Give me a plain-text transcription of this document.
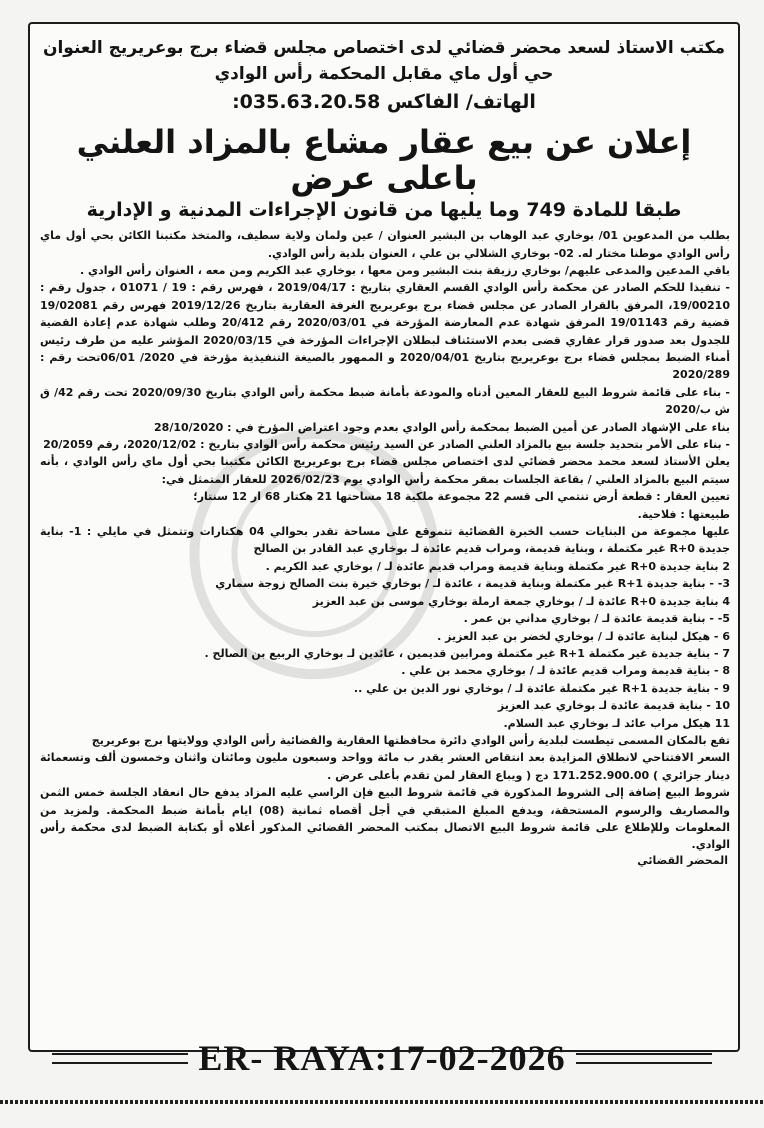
مكتب الاستاذ لسعد محضر قضائي لدى اختصاص مجلس قضاء برج بوعريريج العنوان

حي أول ماي مقابل المحكمة رأس الوادي

الهاتف/ الفاكس 035.63.20.58:

إعلان عن بيع عقار مشاع بالمزاد العلني باعلى عرض
طبقا للمادة 749 وما يليها من قانون الإجراءات المدنية و الإدارية

بطلب من المدعوين 01/ بوخاري عبد الوهاب بن البشير العنوان / عين ولمان ولاية سطيف، والمتخذ مكتبنا الكائن بحي أول ماي رأس الوادي موطنا مختار له. 02- بوخاري الشلالي بن علي ، العنوان بلدية رأس الوادي.

باقي المدعين والمدعى عليهم/ بوخاري رزيقة بنت البشير ومن معها ، بوخاري عبد الكريم ومن معه ، العنوان رأس الوادي .

- تنفيذا للحكم الصادر عن محكمة رأس الوادي القسم العقاري بتاريخ : 2019/04/17 ، فهرس رقم : 19 / 01071 ، جدول رقم : 19/00210، المرفق بالقرار الصادر عن مجلس قضاء برج بوعريريج الغرفة العقارية بتاريخ 2019/12/26 فهرس رقم 19/02081 قضية رقم 19/01143 المرفق شهادة عدم المعارضة المؤرخة في 2020/03/01 رقم 20/412 وطلب شهادة عدم إعادة القضية للجدول بعد صدور قرار عقاري قضى بعدم الاستئناف لبطلان الإجراءات المؤرخة في 2020/03/15 المؤشر عليه من طرف رئيس أمناء الضبط بمجلس قضاء برج بوعريريج بتاريخ 2020/04/01 و الممهور بالصيغة التنفيذية مؤرخة في 2020/ 06/01تحت رقم : 2020/289

- بناء على قائمة شروط البيع للعقار المعين أدناه والمودعة بأمانة ضبط محكمة رأس الوادي بتاريخ 2020/09/30 تحت رقم 42/ ق ش ب/2020

بناء على الإشهاد الصادر عن أمين الضبط بمحكمة رأس الوادي بعدم وجود اعتراض المؤرخ في : 28/10/2020

- بناء على الأمر بتحديد جلسة بيع بالمزاد العلني الصادر عن السيد رئيس محكمة رأس الوادي بتاريخ : 2020/12/02، رقم 20/2059

يعلن الأستاذ لسعد محمد محضر قضائي لدى اختصاص مجلس قضاء برج بوعريريج الكائن مكتبنا بحي أول ماي رأس الوادي ، بأنه سيتم البيع بالمزاد العلني / بقاعة الجلسات بمقر محكمة رأس الوادي يوم 2026/02/23 للعقار المتمثل في:

تعيين العقار : قطعة أرض تنتمي الى قسم 22 مجموعة ملكية 18 مساحتها 21 هكتار 68 ار 12 سنتار؛

طبيعتها : فلاحية.

عليها مجموعة من البنايات حسب الخبرة القضائية تتموقع على مساحة تقدر بحوالي 04 هكتارات وتتمثل في مايلي : 1- بناية جديدة R+0 غير مكتملة ، وبناية قديمة، ومراب قديم عائدة لـ بوخاري عبد القادر بن الصالح

2 بناية جديدة R+0 غير مكتملة وبناية قديمة ومراب قديم عائدة لـ / بوخاري عبد الكريم .

3- - بناية جديدة R+1 غير مكتملة وبناية قديمة ، عائدة لـ / بوخاري خيرة بنت الصالح زوجة سماري

4 بناية جديدة R+0 عائدة لـ / بوخاري جمعة ارملة بوخاري موسى بن عبد العزيز

5- - بناية قديمة عائدة لـ / بوخاري مداني بن عمر .

6 - هيكل لبناية عائدة لـ / بوخاري لخضر بن عبد العزيز .

7 - بناية جديدة غير مكتملة R+1 غير مكتملة ومرابين قديمين ، عائدين لـ بوخاري الربيع بن الصالح .

8 - بناية قديمة ومراب قديم عائدة لـ / بوخاري محمد بن علي .

9 - بناية جديدة R+1 غير مكتملة عائدة لـ / بوخاري نور الدين بن علي ..

10 - بناية قديمة عائدة لـ بوخاري عبد العزيز

11 هيكل مراب عائد لـ بوخاري عبد السلام.

تقع بالمكان المسمى تيطست لبلدية رأس الوادي دائرة محافظتها العقارية والقضائية رأس الوادي وولايتها برج بوعريريج

السعر الافتتاحي لانطلاق المزايدة بعد انتقاص العشر يقدر ب مائة وواحد وسبعون مليون ومائتان واثنان وخمسون ألف وتسعمائة دينار جزائري ) 171.252.900.00 دج ( ويباع العقار لمن تقدم بأعلى عرض .

شروط البيع إضافة إلى الشروط المذكورة في قائمة شروط البيع فإن الراسي عليه المزاد يدفع حال انعقاد الجلسة خمس الثمن والمصاريف والرسوم المستحقة، ويدفع المبلغ المتبقي في أجل أقصاه ثمانية (08) ايام بأمانة ضبط المحكمة. ولمزيد من المعلومات وللإطلاع على قائمة شروط البيع الاتصال بمكتب المحضر القضائي المذكور أعلاه أو بكتابة الضبط لدى محكمة رأس الوادي.

المحضر القضائي

ER- RAYA:17-02-2026
